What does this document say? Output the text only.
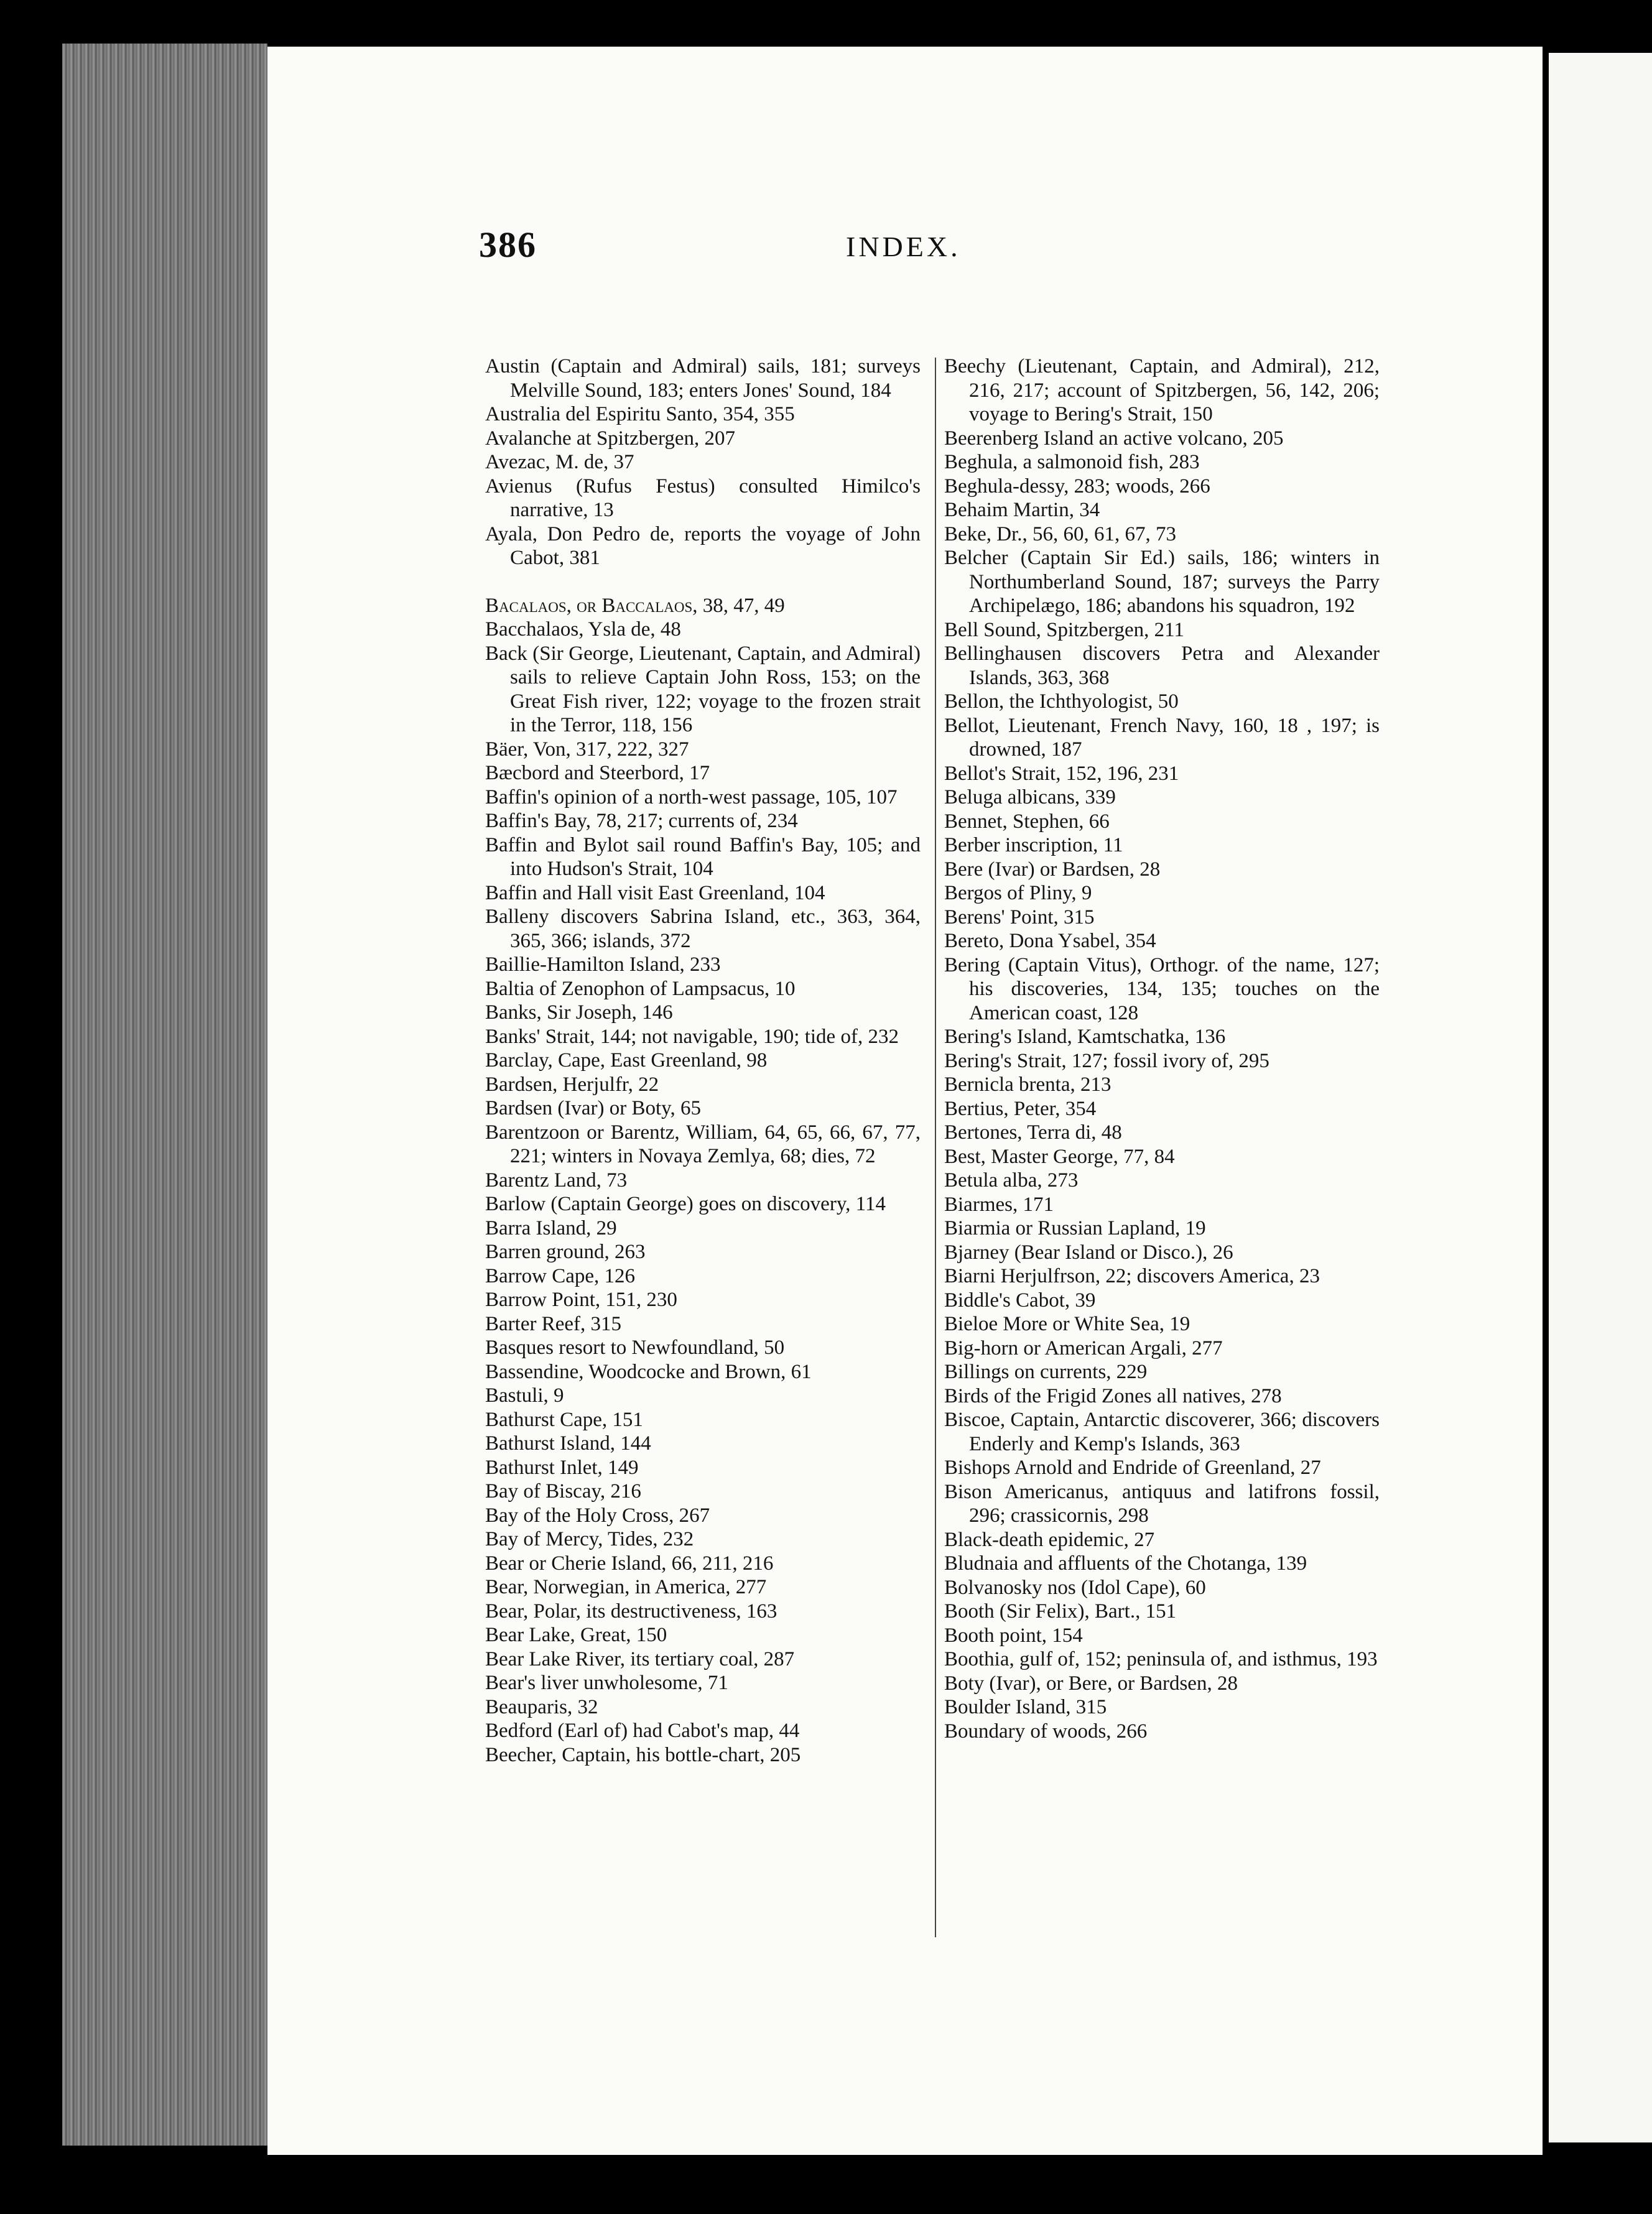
386	INDEX.
Austin (Captain and Admiral) sails, 181; surveys Melville Sound, 183; enters Jones' Sound, 184
Australia del Espiritu Santo, 354, 355
Avalanche at Spitzbergen, 207
Avezac, M. de, 37
Avienus (Rufus Festus) consulted Himilco's narrative, 13
Ayala, Don Pedro de, reports the voyage of John Cabot, 381
Bacalaos, or Baccalaos, 38, 47, 49
Bacchalaos, Ysla de, 48
Back (Sir George, Lieutenant, Captain, and Admiral) sails to relieve Captain John Ross, 153; on the Great Fish river, 122; voyage to the frozen strait in the Terror, 118, 156
Bäer, Von, 317, 222, 327
Bæcbord and Steerbord, 17
Baffin's opinion of a north-west passage, 105, 107
Baffin's Bay, 78, 217; currents of, 234
Baffin and Bylot sail round Baffin's Bay, 105; and into Hudson's Strait, 104
Baffin and Hall visit East Greenland, 104
Balleny discovers Sabrina Island, etc., 363, 364, 365, 366; islands, 372
Baillie-Hamilton Island, 233
Baltia of Zenophon of Lampsacus, 10
Banks, Sir Joseph, 146
Banks' Strait, 144; not navigable, 190; tide of, 232
Barclay, Cape, East Greenland, 98
Bardsen, Herjulfr, 22
Bardsen (Ivar) or Boty, 65
Barentzoon or Barentz, William, 64, 65, 66, 67, 77, 221; winters in Novaya Zemlya, 68; dies, 72
Barentz Land, 73
Barlow (Captain George) goes on discovery, 114
Barra Island, 29
Barren ground, 263
Barrow Cape, 126
Barrow Point, 151, 230
Barter Reef, 315
Basques resort to Newfoundland, 50
Bassendine, Woodcocke and Brown, 61
Bastuli, 9
Bathurst Cape, 151
Bathurst Island, 144
Bathurst Inlet, 149
Bay of Biscay, 216
Bay of the Holy Cross, 267
Bay of Mercy, Tides, 232
Bear or Cherie Island, 66, 211, 216
Bear, Norwegian, in America, 277
Bear, Polar, its destructiveness, 163
Bear Lake, Great, 150
Bear Lake River, its tertiary coal, 287
Bear's liver unwholesome, 71
Beauparis, 32
Bedford (Earl of) had Cabot's map, 44
Beecher, Captain, his bottle-chart, 205
Beechy (Lieutenant, Captain, and Admiral), 212, 216, 217; account of Spitzbergen, 56, 142, 206; voyage to Bering's Strait, 150
Beerenberg Island an active volcano, 205
Beghula, a salmonoid fish, 283
Beghula-dessy, 283; woods, 266
Behaim Martin, 34
Beke, Dr., 56, 60, 61, 67, 73
Belcher (Captain Sir Ed.) sails, 186; winters in Northumberland Sound, 187; surveys the Parry Archipelægo, 186; abandons his squadron, 192
Bell Sound, Spitzbergen, 211
Bellinghausen discovers Petra and Alexander Islands, 363, 368
Bellon, the Ichthyologist, 50
Bellot, Lieutenant, French Navy, 160, 18 , 197; is drowned, 187
Bellot's Strait, 152, 196, 231
Beluga albicans, 339
Bennet, Stephen, 66
Berber inscription, 11
Bere (Ivar) or Bardsen, 28
Bergos of Pliny, 9
Berens' Point, 315
Bereto, Dona Ysabel, 354
Bering (Captain Vitus), Orthogr. of the name, 127; his discoveries, 134, 135; touches on the American coast, 128
Bering's Island, Kamtschatka, 136
Bering's Strait, 127; fossil ivory of, 295
Bernicla brenta, 213
Bertius, Peter, 354
Bertones, Terra di, 48
Best, Master George, 77, 84
Betula alba, 273
Biarmes, 171
Biarmia or Russian Lapland, 19
Bjarney (Bear Island or Disco.), 26
Biarni Herjulfrson, 22; discovers America, 23
Biddle's Cabot, 39
Bieloe More or White Sea, 19
Big-horn or American Argali, 277
Billings on currents, 229
Birds of the Frigid Zones all natives, 278
Biscoe, Captain, Antarctic discoverer, 366; discovers Enderly and Kemp's Islands, 363
Bishops Arnold and Endride of Greenland, 27
Bison Americanus, antiquus and latifrons fossil, 296; crassicornis, 298
Black-death epidemic, 27
Bludnaia and affluents of the Chotanga, 139
Bolvanosky nos (Idol Cape), 60
Booth (Sir Felix), Bart., 151
Booth point, 154
Boothia, gulf of, 152; peninsula of, and isthmus, 193
Boty (Ivar), or Bere, or Bardsen, 28
Boulder Island, 315
Boundary of woods, 266
